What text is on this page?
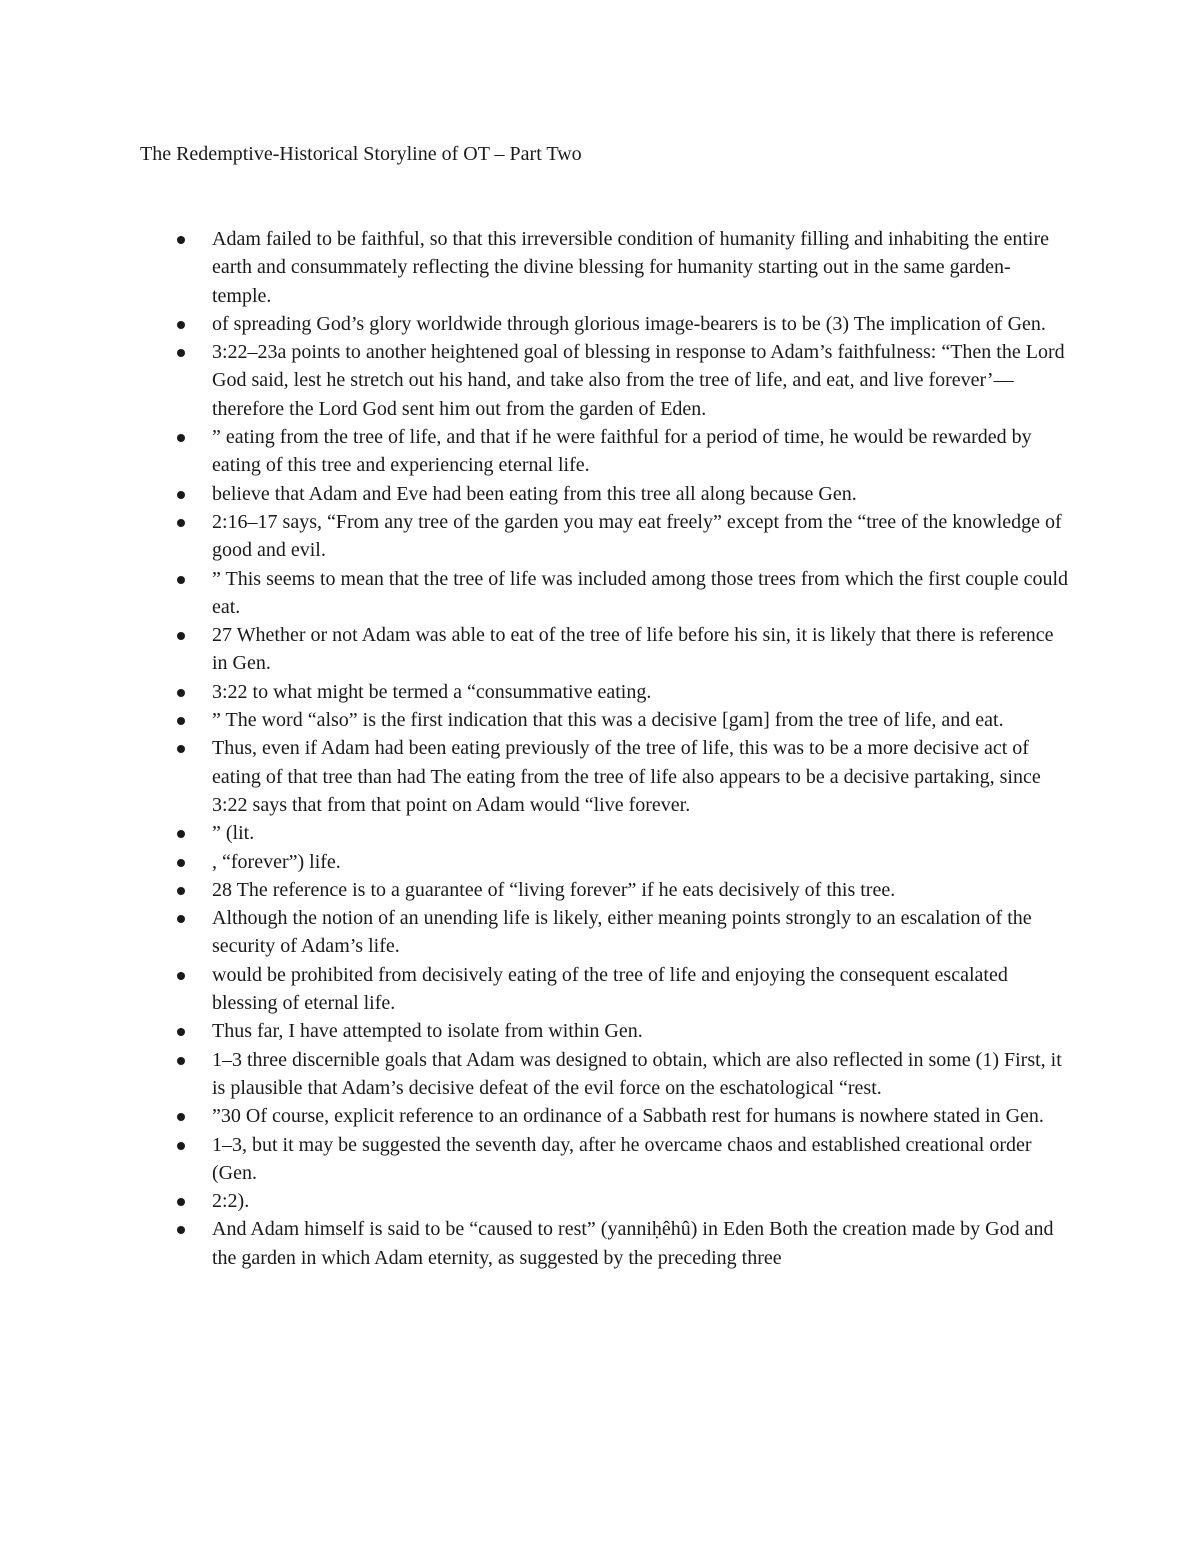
The Redemptive-Historical Storyline of OT – Part Two
Adam failed to be faithful, so that this irreversible condition of humanity filling and inhabiting the entire earth and consummately reflecting the divine blessing for humanity starting out in the same garden-temple.
of spreading God’s glory worldwide through glorious image-bearers is to be (3) The implication of Gen.
3:22–23a points to another heightened goal of blessing in response to Adam’s faithfulness: “Then the Lord God said, lest he stretch out his hand, and take also from the tree of life, and eat, and live forever’—therefore the Lord God sent him out from the garden of Eden.
” eating from the tree of life, and that if he were faithful for a period of time, he would be rewarded by eating of this tree and experiencing eternal life.
believe that Adam and Eve had been eating from this tree all along because Gen.
2:16–17 says, “From any tree of the garden you may eat freely” except from the “tree of the knowledge of good and evil.
” This seems to mean that the tree of life was included among those trees from which the first couple could eat.
27 Whether or not Adam was able to eat of the tree of life before his sin, it is likely that there is reference in Gen.
3:22 to what might be termed a “consummative eating.
” The word “also” is the first indication that this was a decisive [gam] from the tree of life, and eat.
Thus, even if Adam had been eating previously of the tree of life, this was to be a more decisive act of eating of that tree than had The eating from the tree of life also appears to be a decisive partaking, since 3:22 says that from that point on Adam would “live forever.
” (lit.
, “forever”) life.
28 The reference is to a guarantee of “living forever” if he eats decisively of this tree.
Although the notion of an unending life is likely, either meaning points strongly to an escalation of the security of Adam’s life.
would be prohibited from decisively eating of the tree of life and enjoying the consequent escalated blessing of eternal life.
Thus far, I have attempted to isolate from within Gen.
1–3 three discernible goals that Adam was designed to obtain, which are also reflected in some (1) First, it is plausible that Adam’s decisive defeat of the evil force on the eschatological “rest.
”30 Of course, explicit reference to an ordinance of a Sabbath rest for humans is nowhere stated in Gen.
1–3, but it may be suggested the seventh day, after he overcame chaos and established creational order (Gen.
2:2).
And Adam himself is said to be “caused to rest” (yanniḥêhû) in Eden Both the creation made by God and the garden in which Adam eternity, as suggested by the preceding three
